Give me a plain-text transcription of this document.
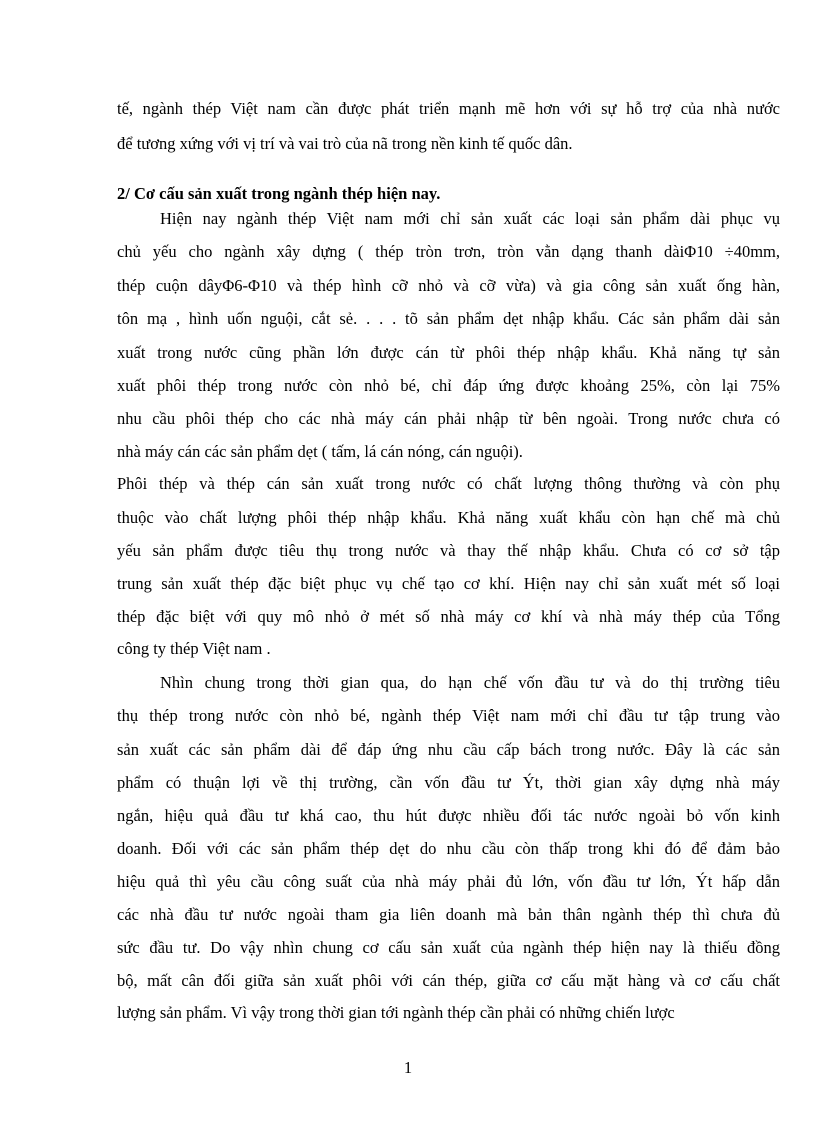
tế, ngành thép Việt nam cần được phát triển mạnh mẽ hơn với sự hỗ trợ của nhà nước
để tương xứng với vị trí và vai trò của nã trong nền kinh tế quốc dân.
2/ Cơ cấu sản xuất trong ngành thép hiện nay.
Hiện nay ngành thép Việt nam mới chỉ sản xuất các loại sản phẩm dài phục vụ
chủ yếu cho ngành xây dựng ( thép tròn trơn, tròn vằn dạng thanh dàiΦ10 ÷40mm,
thép cuộn dâyΦ6-Φ10 và thép hình cỡ nhỏ và cỡ vừa) và gia công sản xuất ống hàn,
tôn mạ , hình uốn nguội, cắt sẻ. . . . tõ sản phẩm dẹt nhập khẩu. Các sản phẩm dài sản
xuất trong nước cũng phần lớn được cán từ phôi thép nhập khẩu. Khả năng tự sản
xuất phôi thép trong nước còn nhỏ bé, chỉ đáp ứng được khoảng 25%, còn lại 75%
nhu cầu phôi thép cho các nhà máy cán phải nhập từ bên ngoài. Trong nước chưa có
nhà máy cán các sản phẩm dẹt ( tấm, lá cán nóng, cán nguội).
Phôi thép và thép cán sản xuất trong nước có chất lượng thông thường và còn phụ
thuộc vào chất lượng phôi thép nhập khẩu. Khả năng xuất khẩu còn hạn chế mà chủ
yếu sản phẩm được tiêu thụ trong nước và thay thế nhập khẩu. Chưa có cơ sở tập
trung sản xuất thép đặc biệt phục vụ chế tạo cơ khí. Hiện nay chỉ sản xuất mét số loại
thép đặc biệt với quy mô nhỏ ở mét số nhà máy cơ khí và nhà máy thép của Tổng
công ty thép Việt nam .
Nhìn chung trong thời gian qua, do hạn chế vốn đầu tư và do thị trường tiêu
thụ thép trong nước còn nhỏ bé, ngành thép Việt nam mới chỉ đầu tư tập trung vào
sản xuất các sản phẩm dài để đáp ứng nhu cầu cấp bách trong nước. Đây là các sản
phẩm có thuận lợi về thị trường, cần vốn đầu tư Ýt, thời gian xây dựng nhà máy
ngắn, hiệu quả đầu tư khá cao, thu hút được nhiều đối tác nước ngoài bỏ vốn kinh
doanh. Đối với các sản phẩm thép dẹt do nhu cầu còn thấp trong khi đó để đảm bảo
hiệu quả thì yêu cầu công suất của nhà máy phải đủ lớn, vốn đầu tư lớn, Ýt hấp dẫn
các nhà đầu tư nước ngoài tham gia liên doanh mà bản thân ngành thép thì chưa đủ
sức đầu tư. Do vậy nhìn chung cơ cấu sản xuất của ngành thép hiện nay là thiếu đồng
bộ, mất cân đối giữa sản xuất phôi với cán thép, giữa cơ cấu mặt hàng và cơ cấu chất
lượng sản phẩm. Vì vậy trong thời gian tới ngành thép cần phải có những chiến lược
1
